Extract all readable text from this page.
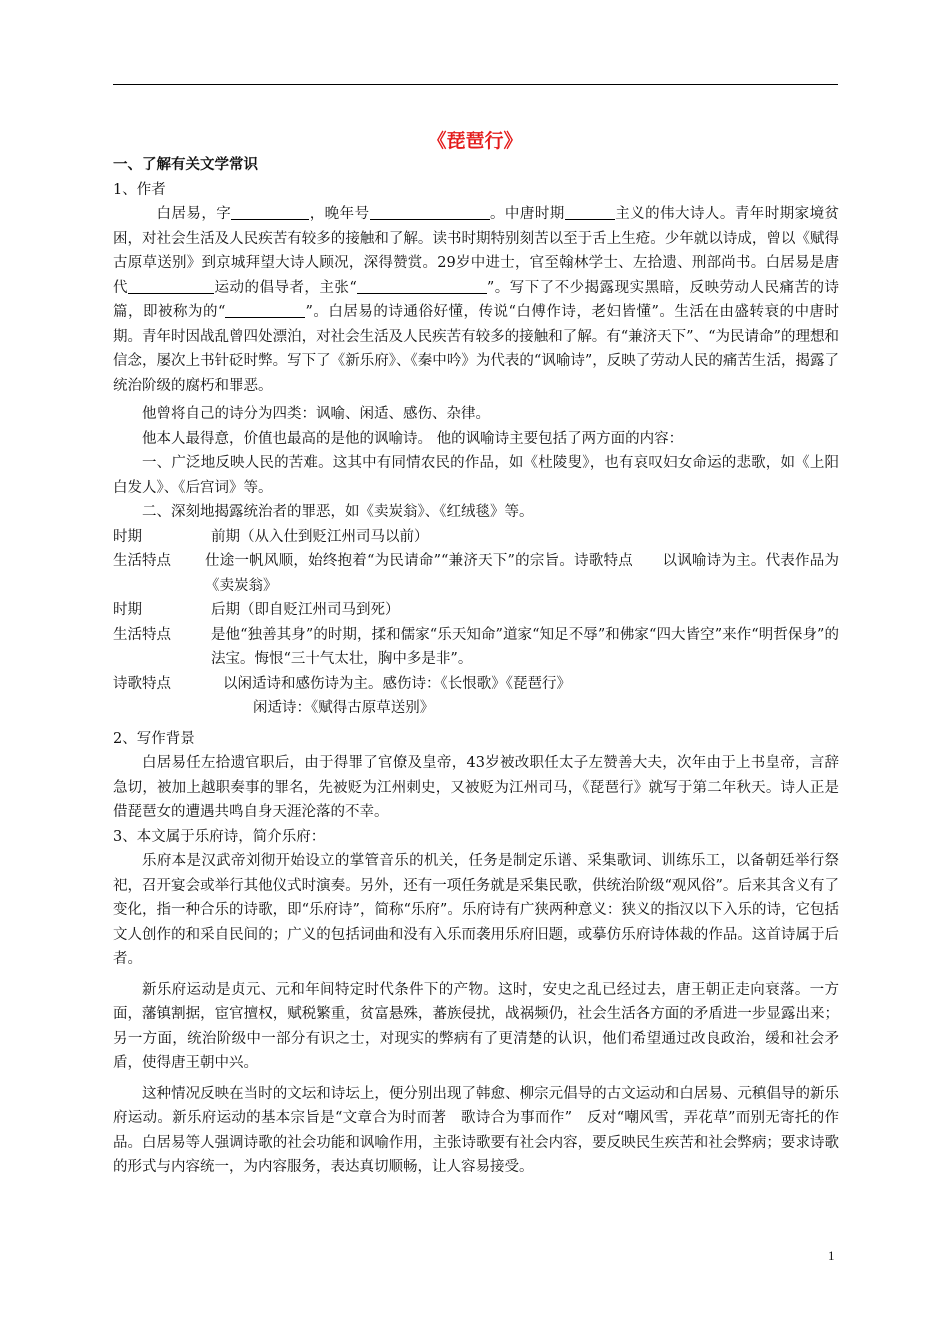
《琵琶行》

一、了解有关文学常识

1、作者

白居易，字	，晚年号	。中唐时期	主义的伟大诗人。青年时期家境贫困，对社会生活及人民疾苦有较多的接触和了解。读书时期特别刻苦以至于舌上生疮。少年就以诗成，曾以《赋得古原草送别》到京城拜望大诗人顾况，深得赞赏。29岁中进士，官至翰林学士、左拾遗、刑部尚书。白居易是唐代	运动的倡导者，主张“	”。写下了不少揭露现实黑暗，反映劳动人民痛苦的诗篇，即被称为的“	”。白居易的诗通俗好懂，传说“白傅作诗，老妇皆懂”。生活在由盛转衰的中唐时期。青年时因战乱曾四处漂泊，对社会生活及人民疾苦有较多的接触和了解。有“兼济天下”、“为民请命”的理想和信念，屡次上书针砭时弊。写下了《新乐府》、《秦中吟》为代表的“讽喻诗”，反映了劳动人民的痛苦生活，揭露了统治阶级的腐朽和罪恶。

他曾将自己的诗分为四类：讽喻、闲适、感伤、杂律。

他本人最得意，价值也最高的是他的讽喻诗。 他的讽喻诗主要包括了两方面的内容：

一、广泛地反映人民的苦难。这其中有同情农民的作品，如《杜陵叟》，也有哀叹妇女命运的悲歌，如《上阳白发人》、《后宫词》等。

二、深刻地揭露统治者的罪恶，如《卖炭翁》、《红绒毯》等。

时期	前期（从入仕到贬江州司马以前）
生活特点	仕途一帆风顺，始终抱着“为民请命”“兼济天下”的宗旨。诗歌特点　　以讽喻诗为主。代表作品为《卖炭翁》
时期	后期（即自贬江州司马到死）
生活特点	是他“独善其身”的时期，揉和儒家“乐天知命”道家“知足不辱”和佛家“四大皆空”来作“明哲保身”的法宝。悔恨“三十气太壮，胸中多是非”。
诗歌特点	以闲适诗和感伤诗为主。感伤诗：《长恨歌》《琵琶行》

闲适诗：《赋得古原草送别》

2、写作背景

白居易任左拾遗官职后，由于得罪了官僚及皇帝，43岁被改职任太子左赞善大夫，次年由于上书皇帝，言辞急切，被加上越职奏事的罪名，先被贬为江州刺史，又被贬为江州司马，《琵琶行》就写于第二年秋天。诗人正是借琵琶女的遭遇共鸣自身天涯沦落的不幸。

3、本文属于乐府诗，简介乐府：

乐府本是汉武帝刘彻开始设立的掌管音乐的机关，任务是制定乐谱、采集歌词、训练乐工，以备朝廷举行祭祀，召开宴会或举行其他仪式时演奏。另外，还有一项任务就是采集民歌，供统治阶级“观风俗”。后来其含义有了变化，指一种合乐的诗歌，即“乐府诗”，简称“乐府”。乐府诗有广狭两种意义：狭义的指汉以下入乐的诗，它包括文人创作的和采自民间的；广义的包括词曲和没有入乐而袭用乐府旧题，或摹仿乐府诗体裁的作品。这首诗属于后者。

新乐府运动是贞元、元和年间特定时代条件下的产物。这时，安史之乱已经过去，唐王朝正走向衰落。一方面，藩镇割据，宦官擅权，赋税繁重，贫富悬殊，蕃族侵扰，战祸频仍，社会生活各方面的矛盾进一步显露出来；另一方面，统治阶级中一部分有识之士，对现实的弊病有了更清楚的认识，他们希望通过改良政治，缓和社会矛盾，使得唐王朝中兴。

这种情况反映在当时的文坛和诗坛上，便分别出现了韩愈、柳宗元倡导的古文运动和白居易、元稹倡导的新乐府运动。新乐府运动的基本宗旨是“文章合为时而著　歌诗合为事而作”　反对“嘲风雪，弄花草”而别无寄托的作品。白居易等人强调诗歌的社会功能和讽喻作用，主张诗歌要有社会内容，要反映民生疾苦和社会弊病；要求诗歌的形式与内容统一，为内容服务，表达真切顺畅，让人容易接受。

1
